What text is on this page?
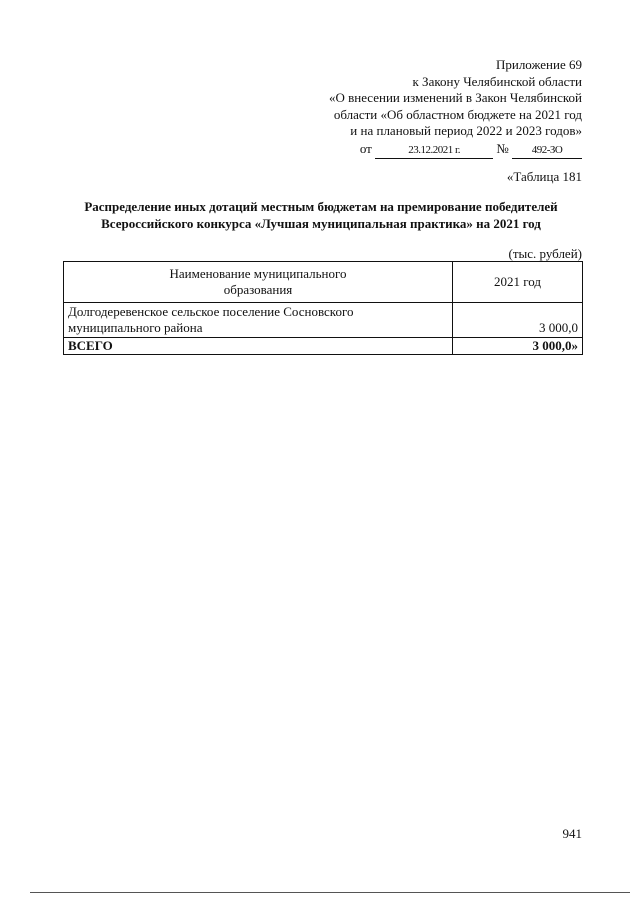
Приложение 69
к Закону Челябинской области
«О внесении изменений в Закон Челябинской
области «Об областном бюджете на 2021 год
и на плановый период 2022 и 2023 годов»
от	23.12.2021 г.	№ 492-ЗО
«Таблица 181
Распределение иных дотаций местным бюджетам на премирование победителей
Всероссийского конкурса «Лучшая муниципальная практика» на 2021 год
(тыс. рублей)
Наименование муниципального
образования	2021 год

Долгодеревенское сельское поселение Сосновского
муниципального района	3 000,0
ВСЕГО	3 000,0»
941
